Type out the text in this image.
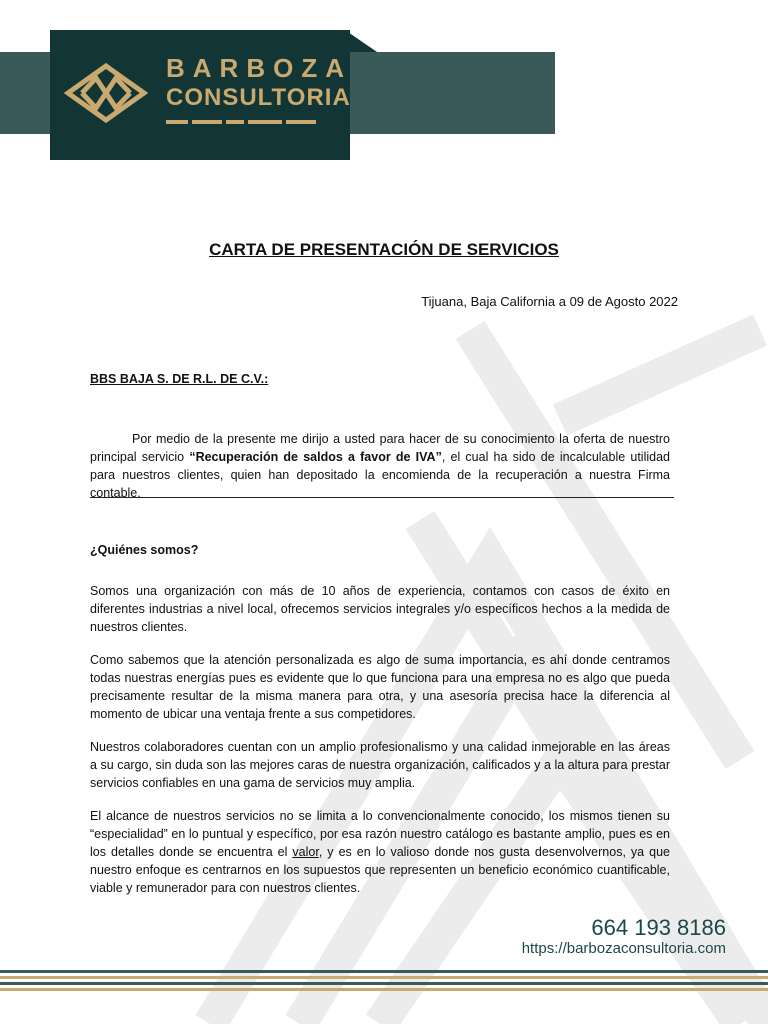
BARBOZA
CONSULTORIA
CARTA DE PRESENTACIÓN DE SERVICIOS
Tijuana, Baja California a 09 de Agosto 2022
BBS BAJA S. DE R.L. DE C.V.:

Por medio de la presente me dirijo a usted para hacer de su conocimiento la oferta de nuestro principal servicio “Recuperación de saldos a favor de IVA”, el cual ha sido de incalculable utilidad para nuestros clientes, quien han depositado la encomienda de la recuperación a nuestra Firma contable.

¿Quiénes somos?

Somos una organización con más de 10 años de experiencia, contamos con casos de éxito en diferentes industrias a nivel local, ofrecemos servicios integrales y/o específicos hechos a la medida de nuestros clientes.

Como sabemos que la atención personalizada es algo de suma importancia, es ahí donde centramos todas nuestras energías pues es evidente que lo que funciona para una empresa no es algo que pueda precisamente resultar de la misma manera para otra, y una asesoría precisa hace la diferencia al momento de ubicar una ventaja frente a sus competidores.

Nuestros colaboradores cuentan con un amplio profesionalismo y una calidad inmejorable en las áreas a su cargo, sin duda son las mejores caras de nuestra organización, calificados y a la altura para prestar servicios confiables en una gama de servicios muy amplia.

El alcance de nuestros servicios no se limita a lo convencionalmente conocido, los mismos tienen su “especialidad” en lo puntual y específico, por esa razón nuestro catálogo es bastante amplio, pues es en los detalles donde se encuentra el valor, y es en lo valioso donde nos gusta desenvolvernos, ya que nuestro enfoque es centrarnos en los supuestos que representen un beneficio económico cuantificable, viable y remunerador para con nuestros clientes.

664 193 8186
https://barbozaconsultoria.com
